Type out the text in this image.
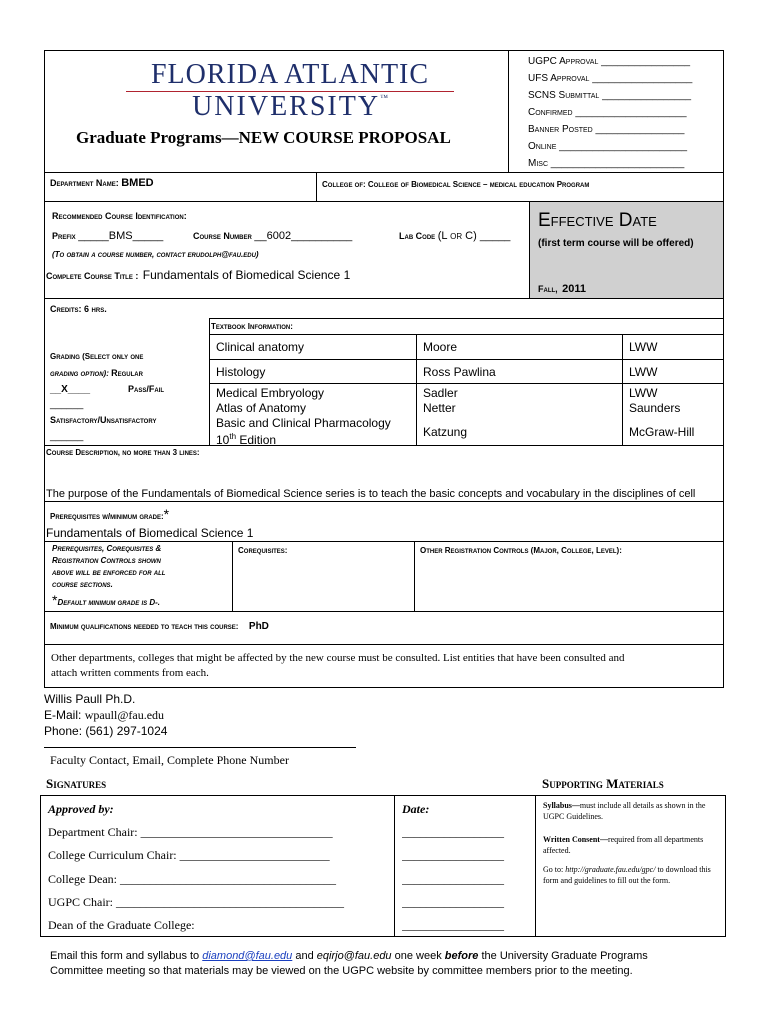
FLORIDA ATLANTIC
UNIVERSITY™
Graduate Programs—NEW COURSE PROPOSAL
UGPC Approval ________________
UFS Approval __________________
SCNS Submittal ________________
Confirmed ____________________
Banner Posted ________________
Online _______________________
Misc ________________________
Department Name: BMED	College of: College of Biomedical Science – medical education Program
Recommended Course Identification:
Prefix _____BMS_____	Course Number __6002__________	Lab Code (L or C) _____
(To obtain a course number, contact erudolph@fau.edu)
Complete Course Title : Fundamentals of Biomedical Science 1
Effective Date
(first term course will be offered)
Fall, 2011
Credits: 6 hrs.
Grading (Select only one
grading option): Regular
__X____	Pass/Fail
______
Satisfactory/Unsatisfactory
______
Textbook Information:
Clinical anatomy	Moore	LWW
Histology	Ross Pawlina	LWW
Medical Embryology	Sadler	LWW
Atlas of Anatomy	Netter	Saunders
Basic and Clinical Pharmacology
10th Edition
Katzung	McGraw-Hill
Course Description, no more than 3 lines:
The purpose of the Fundamentals of Biomedical Science series is to teach the basic concepts and vocabulary in the disciplines of cell
Prerequisites w/minimum grade:*
Fundamentals of Biomedical Science 1
Prerequisites, Corequisites &
Registration Controls shown
above will be enforced for all
course sections.
*Default minimum grade is D-.
Corequisites:	Other Registration Controls (Major, College, Level):
Minimum qualifications needed to teach this course: PhD
Other departments, colleges that might be affected by the new course must be consulted. List entities that have been consulted and
attach written comments from each.
Willis Paull Ph.D.
E-Mail: wpaull@fau.edu
Phone: (561) 297-1024
Faculty Contact, Email, Complete Phone Number
Signatures	Supporting Materials
Approved by:	Date:
Department Chair: ________________________________	_________________
College Curriculum Chair: _________________________	_________________
College Dean: ____________________________________	_________________
UGPC Chair: ______________________________________	_________________
Dean of the Graduate College:	_________________
Syllabus—must include all details as shown in the UGPC Guidelines.
Written Consent—required from all departments affected.
Go to: http://graduate.fau.edu/gpc/ to download this form and guidelines to fill out the form.
Email this form and syllabus to diamond@fau.edu and eqirjo@fau.edu one week before the University Graduate Programs
Committee meeting so that materials may be viewed on the UGPC website by committee members prior to the meeting.
